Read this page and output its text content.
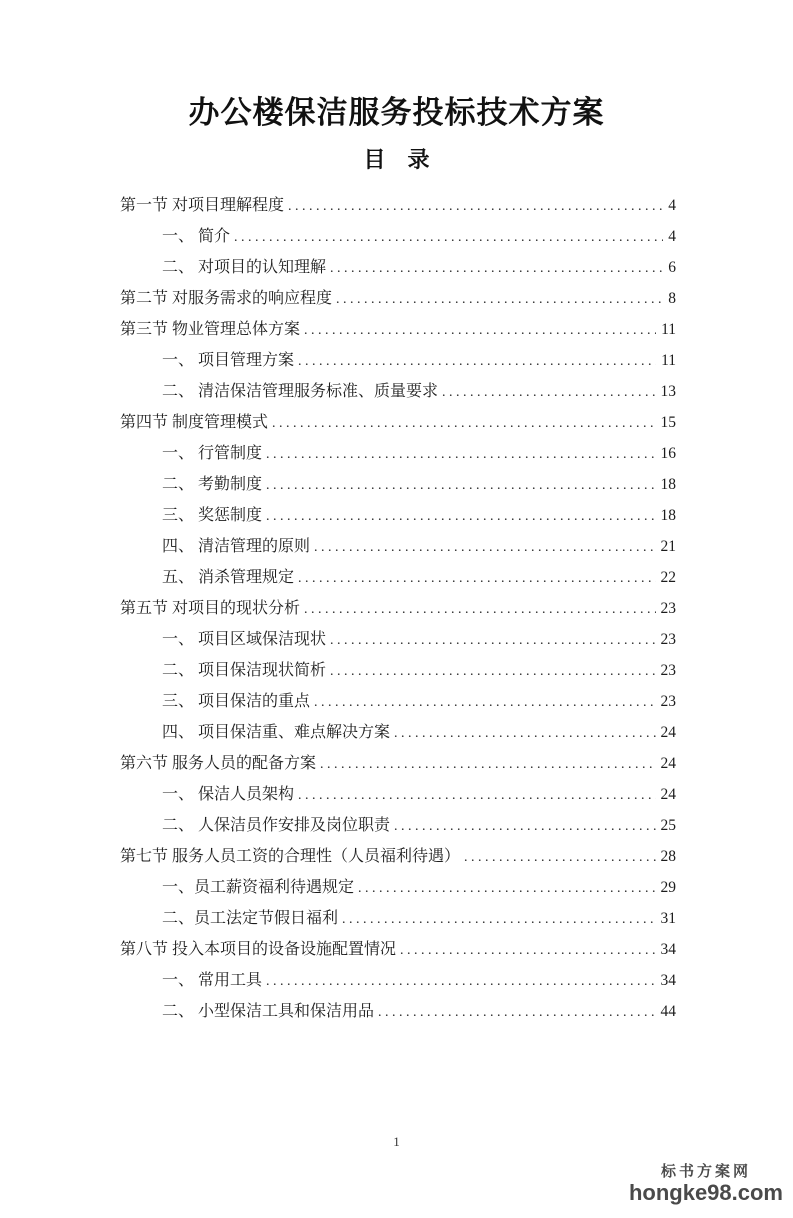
办公楼保洁服务投标技术方案
目　录
第一节 对项目理解程度 .....	4
一、 简介 .....	4
二、 对项目的认知理解 .....	6
第二节 对服务需求的响应程度 .....	8
第三节 物业管理总体方案 .....	11
一、 项目管理方案 .....	11
二、 清洁保洁管理服务标准、质量要求 .....	13
第四节 制度管理模式 .....	15
一、 行管制度 .....	16
二、 考勤制度 .....	18
三、 奖惩制度 .....	18
四、 清洁管理的原则 .....	21
五、 消杀管理规定 .....	22
第五节 对项目的现状分析 .....	23
一、 项目区域保洁现状 .....	23
二、 项目保洁现状简析 .....	23
三、 项目保洁的重点 .....	23
四、 项目保洁重、难点解决方案 .....	24
第六节 服务人员的配备方案 .....	24
一、 保洁人员架构 .....	24
二、 人保洁员作安排及岗位职责 .....	25
第七节 服务人员工资的合理性（人员福利待遇） .....	28
一、员工薪资福利待遇规定 .....	29
二、员工法定节假日福利 .....	31
第八节 投入本项目的设备设施配置情况 .....	34
一、 常用工具 .....	34
二、 小型保洁工具和保洁用品 .....	44
1
标书方案网
hongke98.com
